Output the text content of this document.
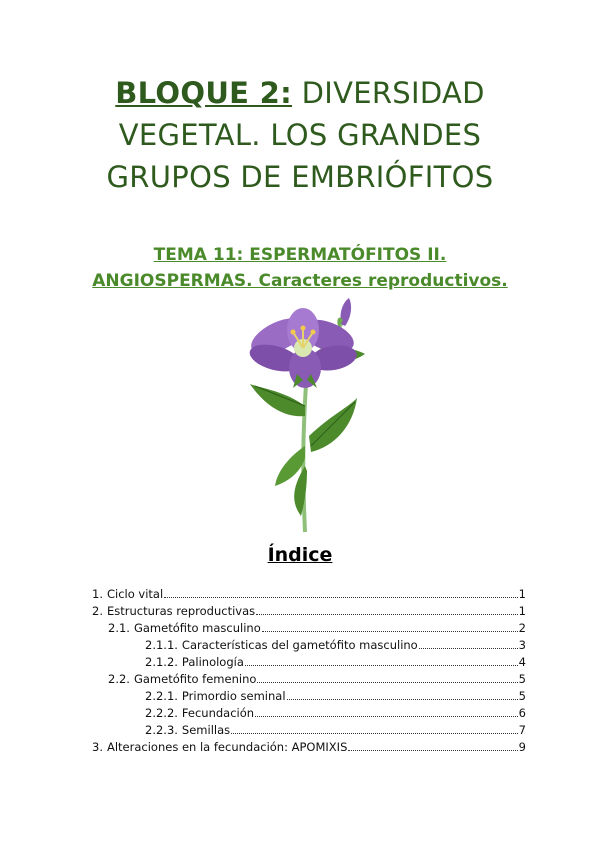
BLOQUE 2: DIVERSIDAD
VEGETAL. LOS GRANDES
GRUPOS DE EMBRIÓFITOS
TEMA 11: ESPERMATÓFITOS II.
ANGIOSPERMAS. Caracteres reproductivos.
Índice
1. Ciclo vital	1
2. Estructuras reproductivas	1
2.1. Gametófito masculino	2
2.1.1. Características del gametófito masculino	3
2.1.2. Palinología	4
2.2. Gametófito femenino	5
2.2.1. Primordio seminal	5
2.2.2. Fecundación	6
2.2.3. Semillas	7
3. Alteraciones en la fecundación: APOMIXIS	9
